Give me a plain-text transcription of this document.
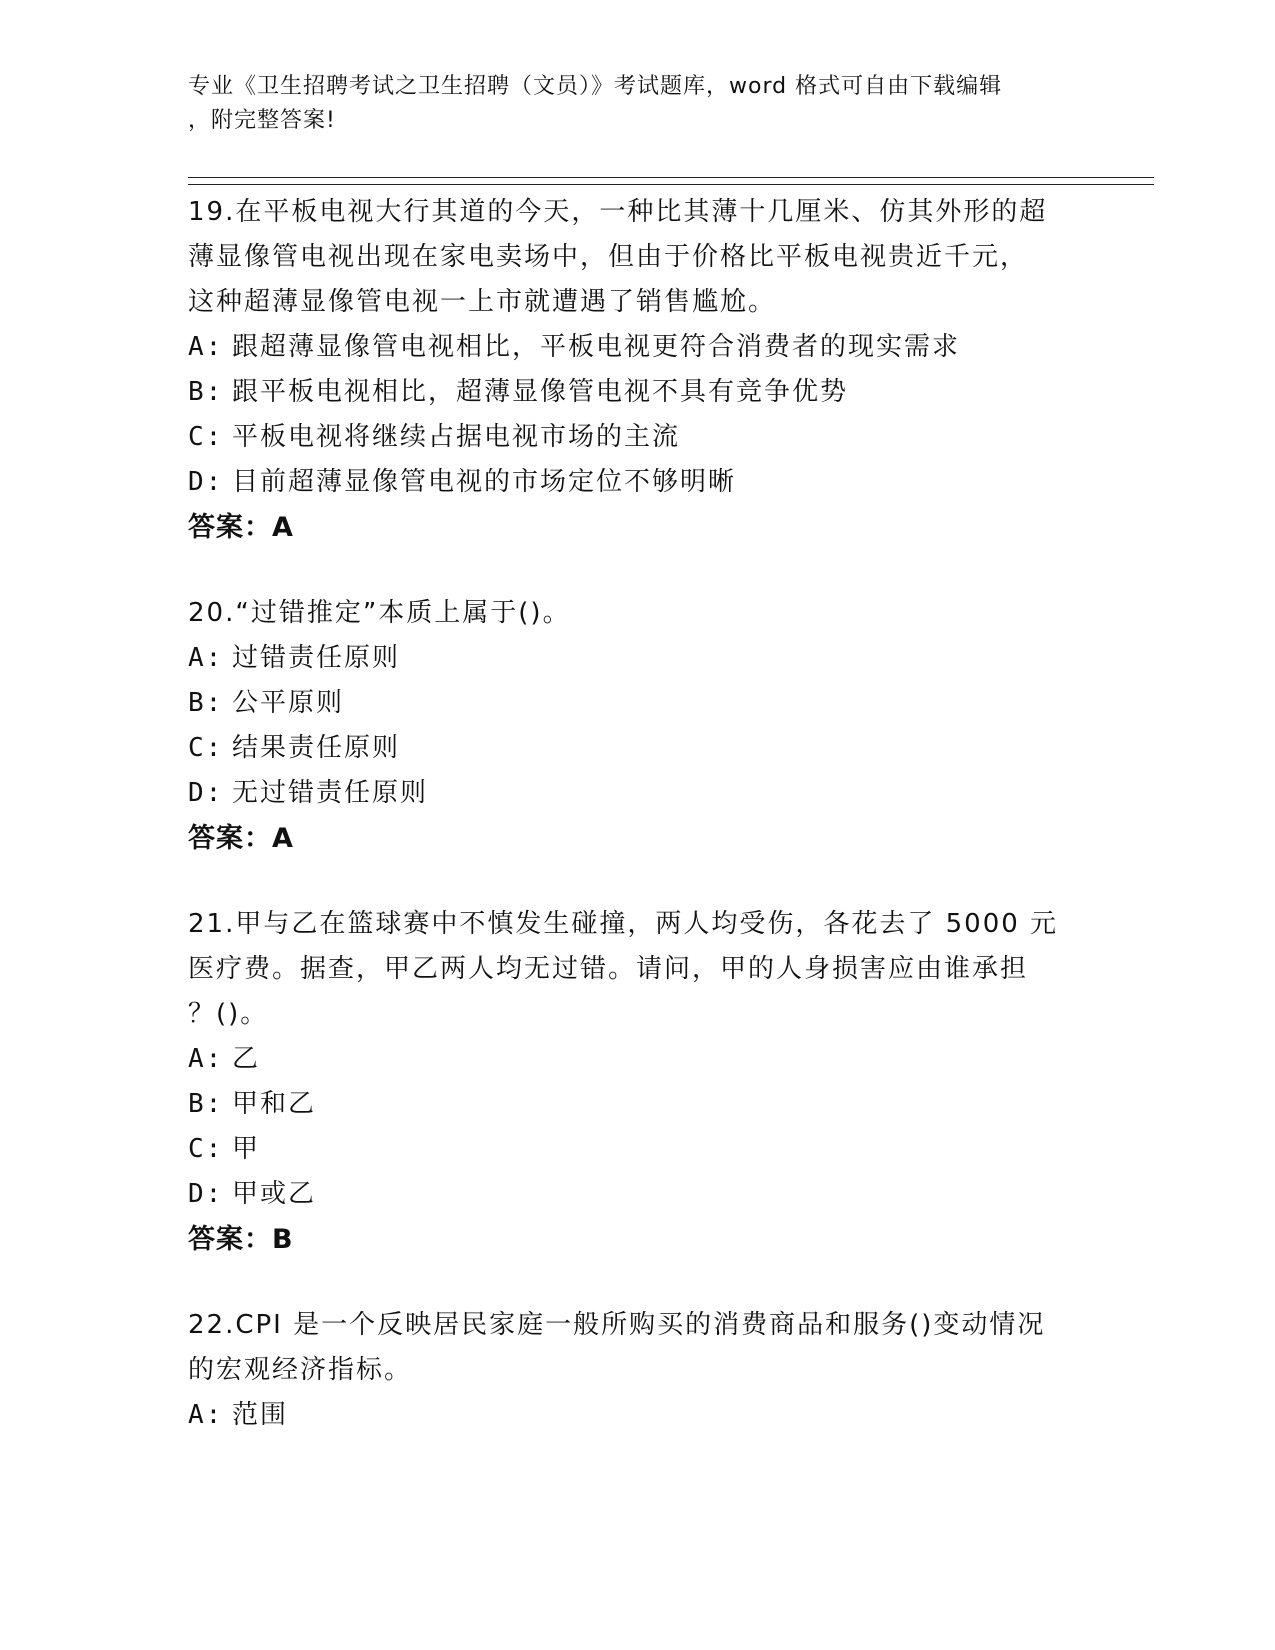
专业《卫生招聘考试之卫生招聘（文员）》考试题库，word 格式可自由下载编辑
，附完整答案!
19.在平板电视大行其道的今天，一种比其薄十几厘米、仿其外形的超
薄显像管电视出现在家电卖场中，但由于价格比平板电视贵近千元，
这种超薄显像管电视一上市就遭遇了销售尴尬。
A: 跟超薄显像管电视相比，平板电视更符合消费者的现实需求
B: 跟平板电视相比，超薄显像管电视不具有竞争优势
C: 平板电视将继续占据电视市场的主流
D: 目前超薄显像管电视的市场定位不够明晰
答案：A
20.“过错推定”本质上属于()。
A: 过错责任原则
B: 公平原则
C: 结果责任原则
D: 无过错责任原则
答案：A
21.甲与乙在篮球赛中不慎发生碰撞，两人均受伤，各花去了 5000 元
医疗费。据查，甲乙两人均无过错。请问，甲的人身损害应由谁承担
？()。
A: 乙
B: 甲和乙
C: 甲
D: 甲或乙
答案：B
22.CPI 是一个反映居民家庭一般所购买的消费商品和服务()变动情况
的宏观经济指标。
A: 范围
